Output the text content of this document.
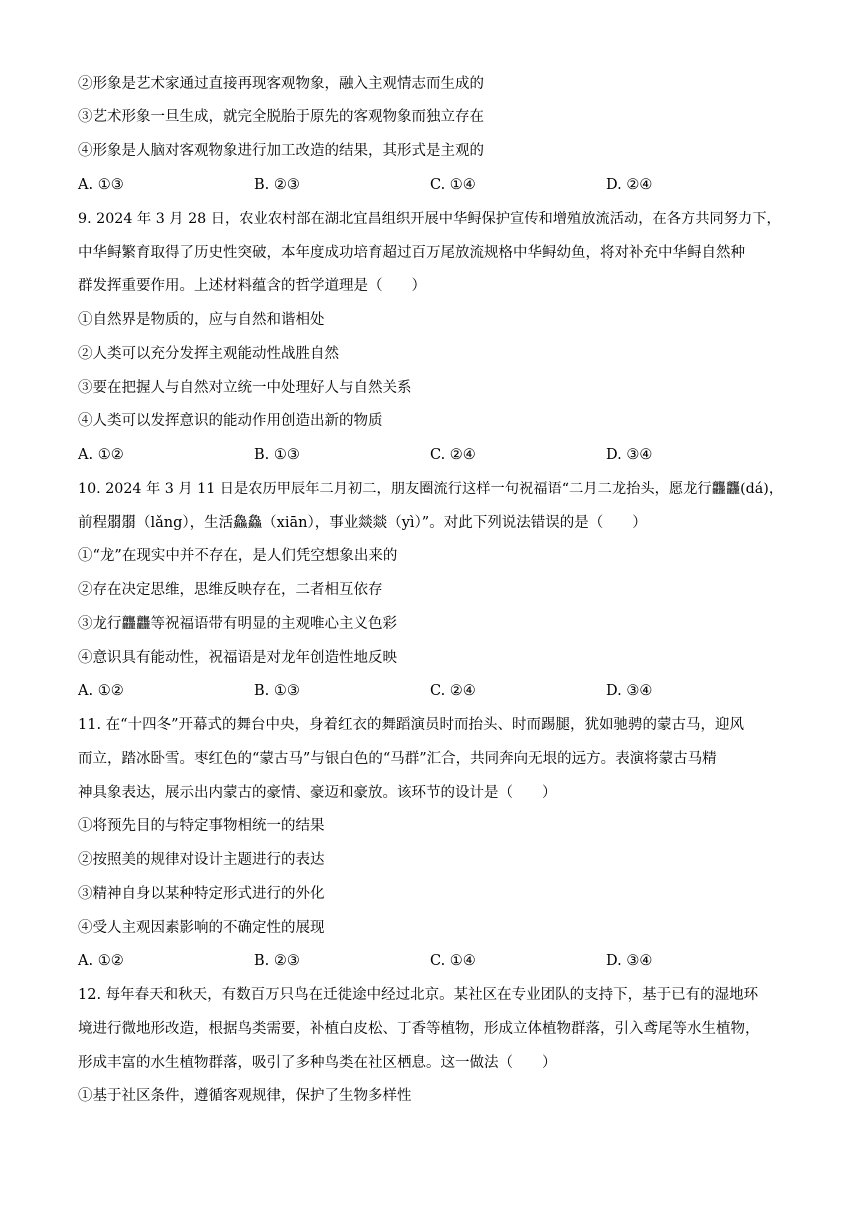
②形象是艺术家通过直接再现客观物象，融入主观情志而生成的
③艺术形象一旦生成，就完全脱胎于原先的客观物象而独立存在
④形象是人脑对客观物象进行加工改造的结果，其形式是主观的
A. ①③	B. ②③	C. ①④	D. ②④
9. 2024 年 3 月 28 日，农业农村部在湖北宜昌组织开展中华鲟保护宣传和增殖放流活动，在各方共同努力下，
中华鲟繁育取得了历史性突破，本年度成功培育超过百万尾放流规格中华鲟幼鱼，将对补充中华鲟自然种
群发挥重要作用。上述材料蕴含的哲学道理是（　　）
①自然界是物质的，应与自然和谐相处
②人类可以充分发挥主观能动性战胜自然
③要在把握人与自然对立统一中处理好人与自然关系
④人类可以发挥意识的能动作用创造出新的物质
A. ①②	B. ①③	C. ②④	D. ③④
10. 2024 年 3 月 11 日是农历甲辰年二月初二，朋友圈流行这样一句祝福语“二月二龙抬头，愿龙行龘龘(dá)，
前程朤朤（lǎng），生活鱻鱻（xiān），事业燚燚（yì）”。对此下列说法错误的是（　　）
①“龙”在现实中并不存在，是人们凭空想象出来的
②存在决定思维，思维反映存在，二者相互依存
③龙行龘龘等祝福语带有明显的主观唯心主义色彩
④意识具有能动性，祝福语是对龙年创造性地反映
A. ①②	B. ①③	C. ②④	D. ③④
11. 在“十四冬”开幕式的舞台中央，身着红衣的舞蹈演员时而抬头、时而踢腿，犹如驰骋的蒙古马，迎风
而立，踏冰卧雪。枣红色的“蒙古马”与银白色的“马群”汇合，共同奔向无垠的远方。表演将蒙古马精
神具象表达，展示出内蒙古的豪情、豪迈和豪放。该环节的设计是（　　）
①将预先目的与特定事物相统一的结果
②按照美的规律对设计主题进行的表达
③精神自身以某种特定形式进行的外化
④受人主观因素影响的不确定性的展现
A. ①②	B. ②③	C. ①④	D. ③④
12. 每年春天和秋天，有数百万只鸟在迁徙途中经过北京。某社区在专业团队的支持下，基于已有的湿地环
境进行微地形改造，根据鸟类需要，补植白皮松、丁香等植物，形成立体植物群落，引入鸢尾等水生植物，
形成丰富的水生植物群落，吸引了多种鸟类在社区栖息。这一做法（　　）
①基于社区条件，遵循客观规律，保护了生物多样性
